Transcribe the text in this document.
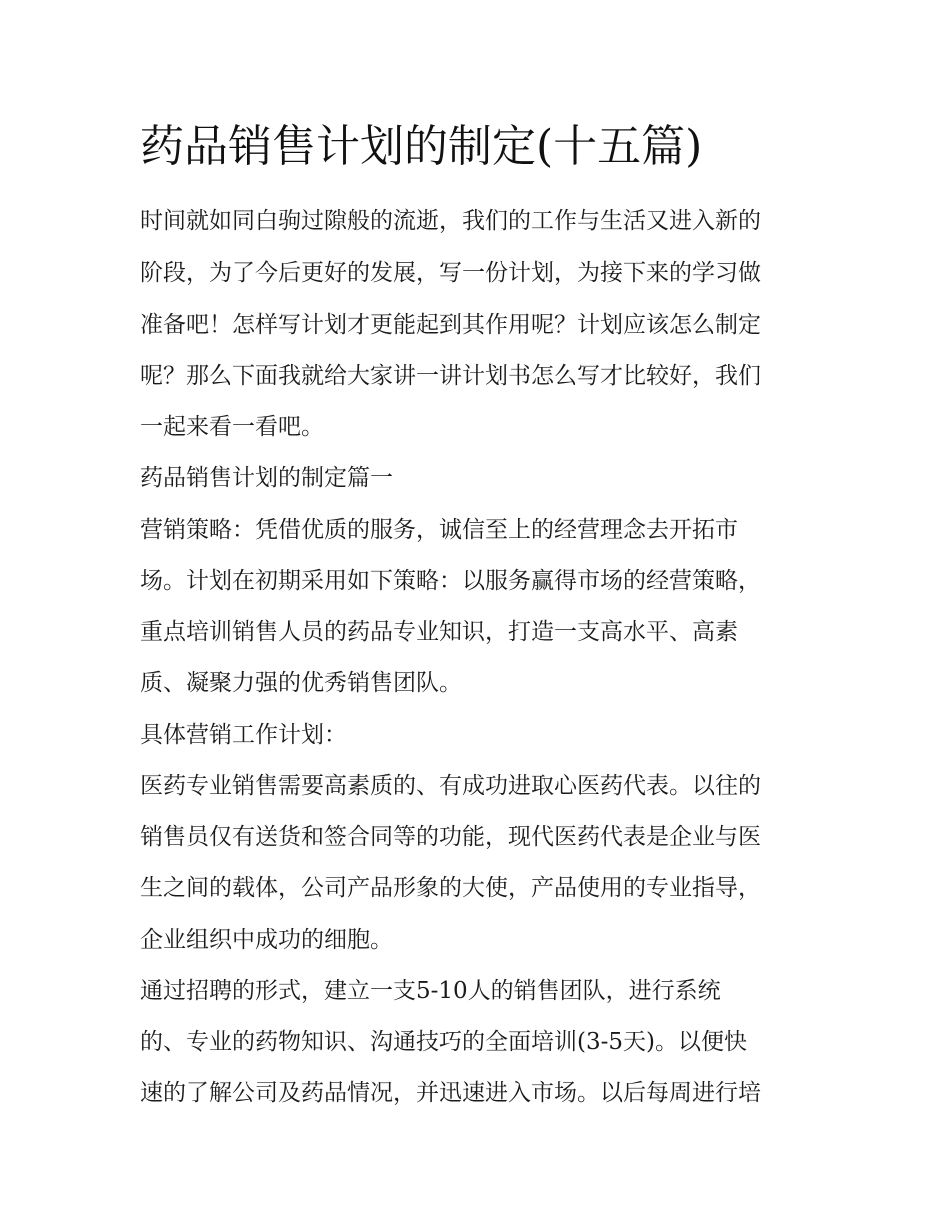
药品销售计划的制定(十五篇)

时间就如同白驹过隙般的流逝，我们的工作与生活又进入新的

阶段，为了今后更好的发展，写一份计划，为接下来的学习做

准备吧！怎样写计划才更能起到其作用呢？计划应该怎么制定

呢？那么下面我就给大家讲一讲计划书怎么写才比较好，我们

一起来看一看吧。

药品销售计划的制定篇一

营销策略：凭借优质的服务，诚信至上的经营理念去开拓市

场。计划在初期采用如下策略：以服务赢得市场的经营策略，

重点培训销售人员的药品专业知识，打造一支高水平、高素

质、凝聚力强的优秀销售团队。

具体营销工作计划：

医药专业销售需要高素质的、有成功进取心医药代表。以往的

销售员仅有送货和签合同等的功能，现代医药代表是企业与医

生之间的载体，公司产品形象的大使，产品使用的专业指导，

企业组织中成功的细胞。

通过招聘的形式，建立一支5-10人的销售团队，进行系统

的、专业的药物知识、沟通技巧的全面培训(3-5天)。以便快

速的了解公司及药品情况，并迅速进入市场。以后每周进行培
